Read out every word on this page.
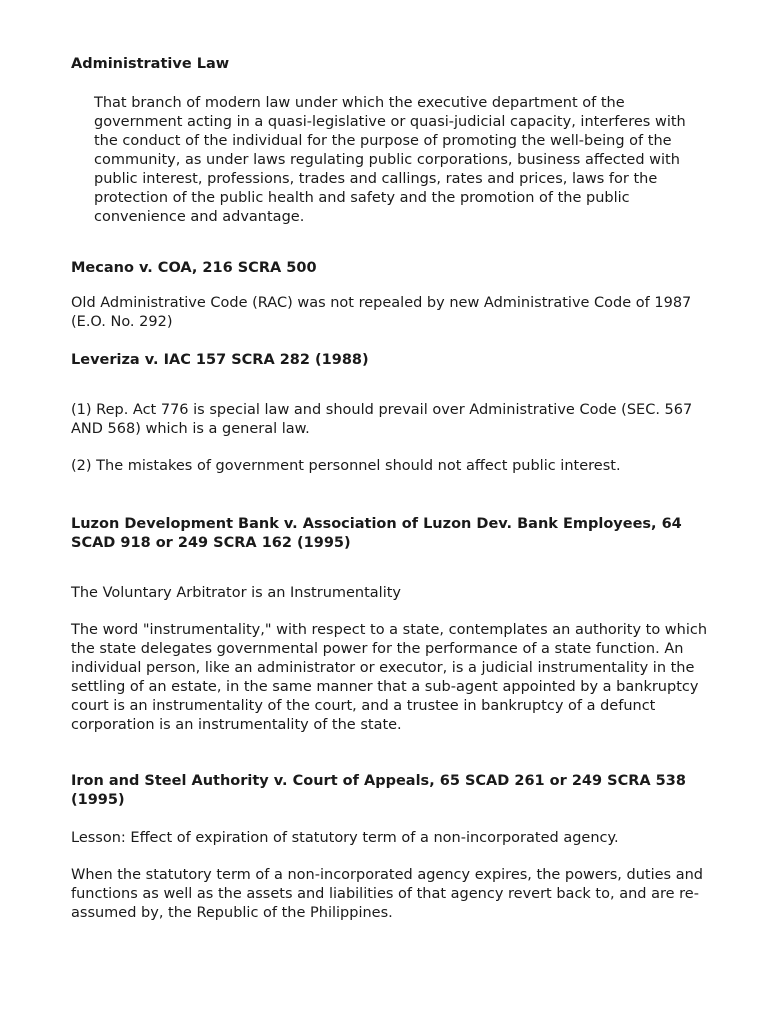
Administrative Law

That branch of modern law under which the executive department of the government acting in a quasi-legislative or quasi-judicial capacity, interferes with the conduct of the individual for the purpose of promoting the well-being of the community, as under laws regulating public corporations, business affected with public interest, professions, trades and callings, rates and prices, laws for the protection of the public health and safety and the promotion of the public convenience and advantage.

Mecano v. COA, 216 SCRA 500

Old Administrative Code (RAC) was not repealed by new Administrative Code of 1987 (E.O. No. 292)

Leveriza v. IAC 157 SCRA 282 (1988)

(1) Rep. Act 776 is special law and should prevail over Administrative Code (SEC. 567 AND 568) which is a general law.

(2) The mistakes of government personnel should not affect public interest.

Luzon Development Bank v. Association of Luzon Dev. Bank Employees, 64 SCAD 918 or 249 SCRA 162 (1995)

The Voluntary Arbitrator is an Instrumentality

The word "instrumentality," with respect to a state, contemplates an authority to which the state delegates governmental power for the performance of a state function. An individual person, like an administrator or executor, is a judicial instrumentality in the settling of an estate, in the same manner that a sub-agent appointed by a bankruptcy court is an instrumentality of the court, and a trustee in bankruptcy of a defunct corporation is an instrumentality of the state.

Iron and Steel Authority v. Court of Appeals, 65 SCAD 261 or 249 SCRA 538 (1995)

Lesson: Effect of expiration of statutory term of a non-incorporated agency.

When the statutory term of a non-incorporated agency expires, the powers, duties and functions as well as the assets and liabilities of that agency revert back to, and are re-assumed by, the Republic of the Philippines.
